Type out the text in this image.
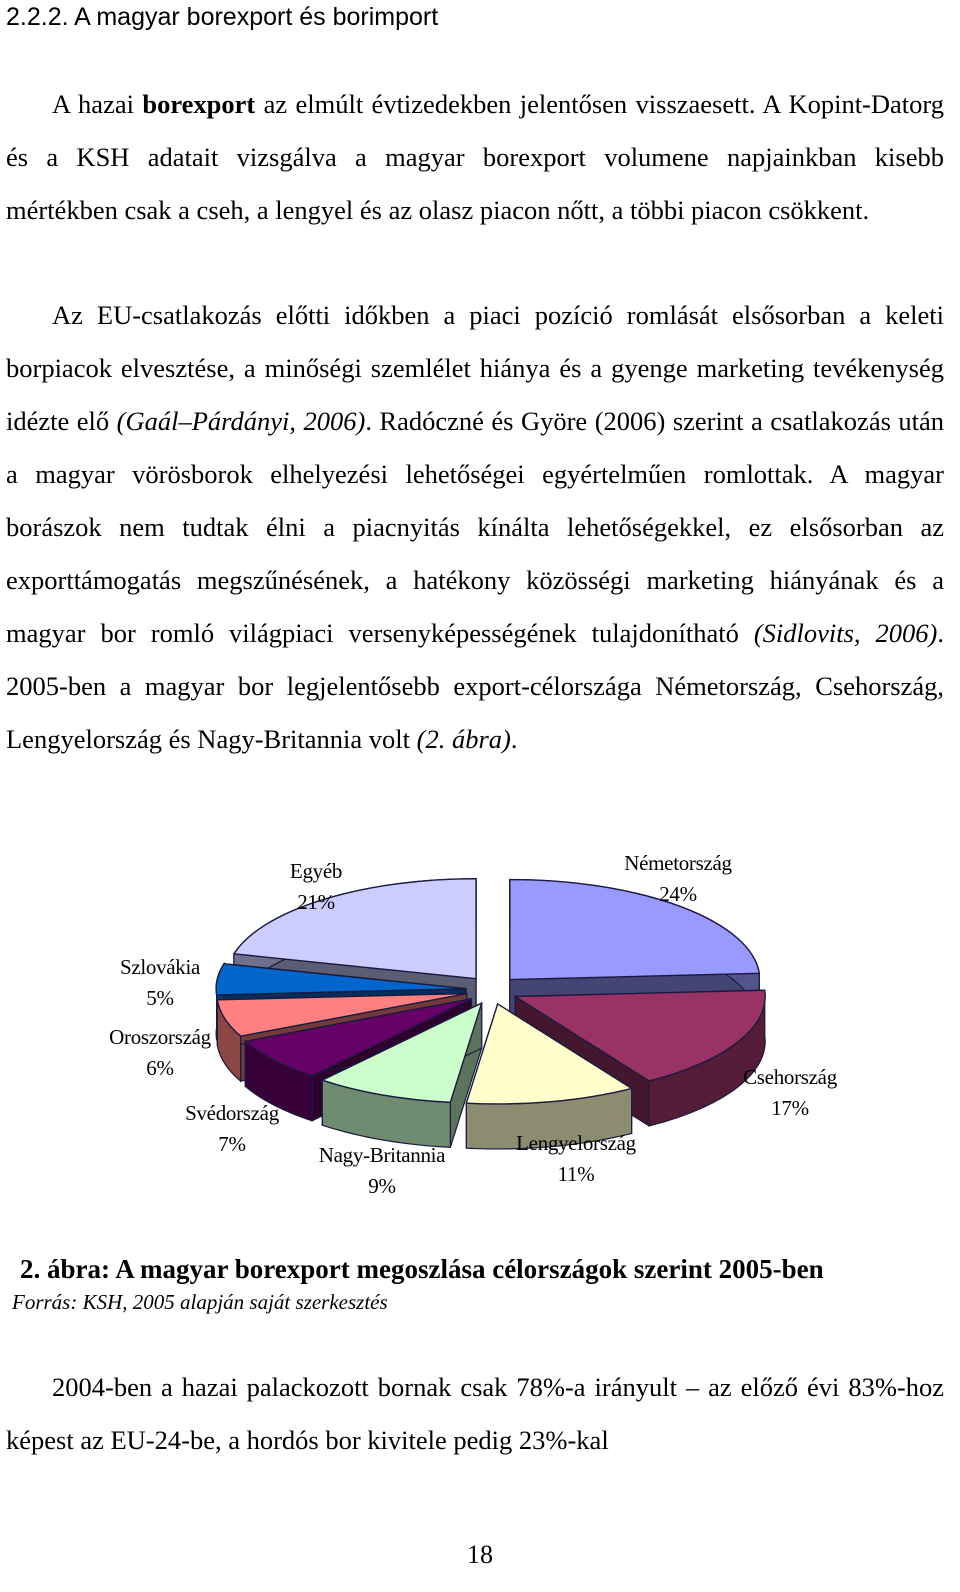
2.2.2. A magyar borexport és borimport

A hazai borexport az elmúlt évtizedekben jelentősen visszaesett. A Kopint-Datorg és a KSH adatait vizsgálva a magyar borexport volumene napjainkban kisebb mértékben csak a cseh, a lengyel és az olasz piacon nőtt, a többi piacon csökkent.

Az EU-csatlakozás előtti időkben a piaci pozíció romlását elsősorban a keleti borpiacok elvesztése, a minőségi szemlélet hiánya és a gyenge marketing tevékenység idézte elő (Gaál–Párdányi, 2006). Radóczné és Györe (2006) szerint a csatlakozás után a magyar vörösborok elhelyezési lehetőségei egyértelműen romlottak. A magyar borászok nem tudtak élni a piacnyitás kínálta lehetőségekkel, ez elsősorban az exporttámogatás megszűnésének, a hatékony közösségi marketing hiányának és a magyar bor romló világpiaci versenyképességének tulajdonítható (Sidlovits, 2006). 2005-ben a magyar bor legjelentősebb export-célországa Németország, Csehország, Lengyelország és Nagy-Britannia volt (2. ábra).

Németország
24%
Csehország
17%
Lengyelország
11%
Nagy-Britannia
9%
Svédország
7%
Oroszország
6%
Szlovákia
5%
Egyéb
21%
2. ábra: A magyar borexport megoszlása célországok szerint 2005-ben
Forrás: KSH, 2005 alapján saját szerkesztés

2004-ben a hazai palackozott bornak csak 78%-a irányult – az előző évi 83%-hoz képest az EU-24-be, a hordós bor kivitele pedig 23%-kal

18
